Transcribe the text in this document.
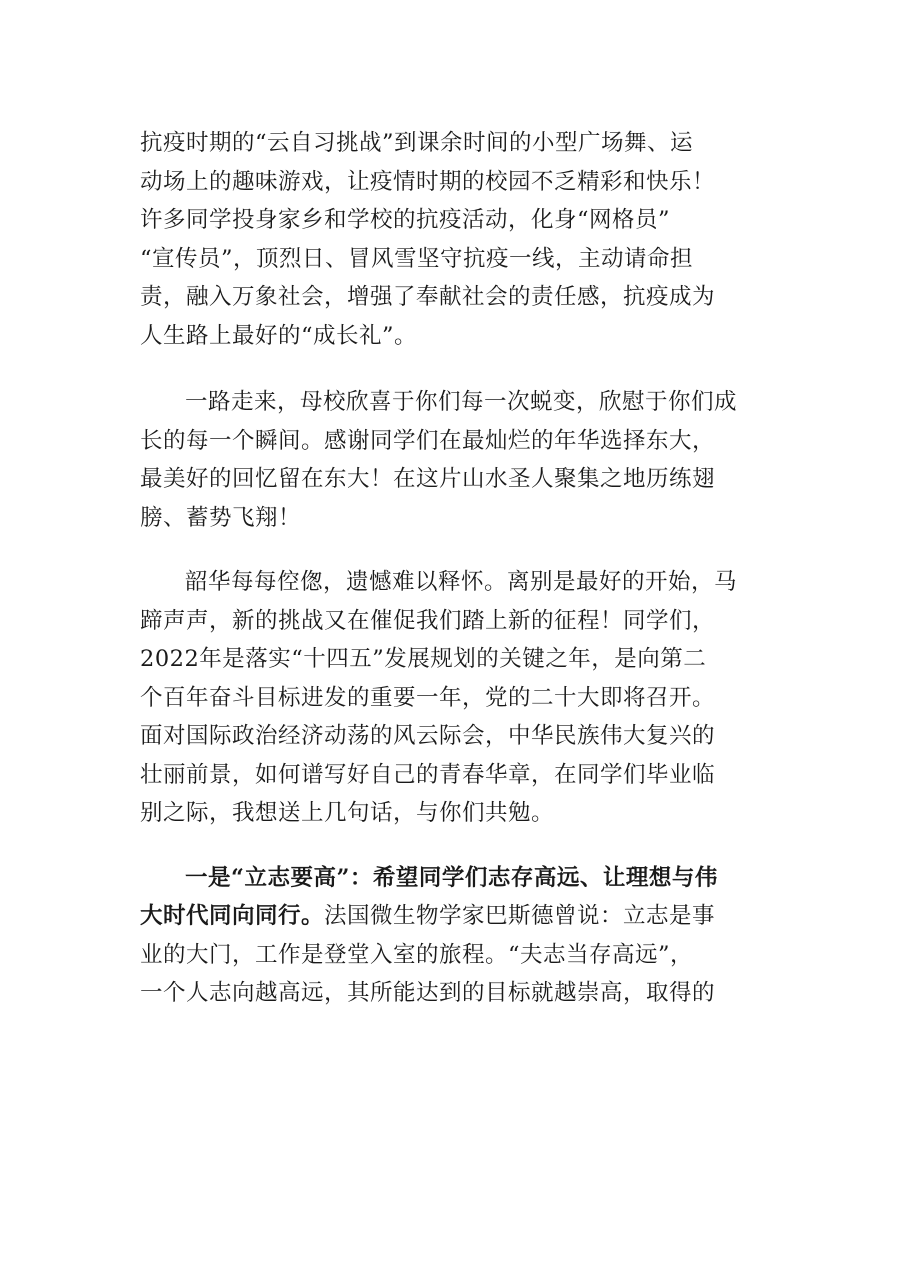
抗疫时期的“云自习挑战”到课余时间的小型广场舞、运
动场上的趣味游戏，让疫情时期的校园不乏精彩和快乐！
许多同学投身家乡和学校的抗疫活动，化身“网格员”
“宣传员”，顶烈日、冒风雪坚守抗疫一线，主动请命担
责，融入万象社会，增强了奉献社会的责任感，抗疫成为
人生路上最好的“成长礼”。

一路走来，母校欣喜于你们每一次蜕变，欣慰于你们成
长的每一个瞬间。感谢同学们在最灿烂的年华选择东大，
最美好的回忆留在东大！在这片山水圣人聚集之地历练翅
膀、蓄势飞翔！

韶华每每倥偬，遗憾难以释怀。离别是最好的开始，马
蹄声声，新的挑战又在催促我们踏上新的征程！同学们，
2022年是落实“十四五”发展规划的关键之年，是向第二
个百年奋斗目标进发的重要一年，党的二十大即将召开。
面对国际政治经济动荡的风云际会，中华民族伟大复兴的
壮丽前景，如何谱写好自己的青春华章，在同学们毕业临
别之际，我想送上几句话，与你们共勉。

一是“立志要高”：希望同学们志存高远、让理想与伟
大时代同向同行。法国微生物学家巴斯德曾说：立志是事
业的大门，工作是登堂入室的旅程。“夫志当存高远”，
一个人志向越高远，其所能达到的目标就越崇高，取得的
